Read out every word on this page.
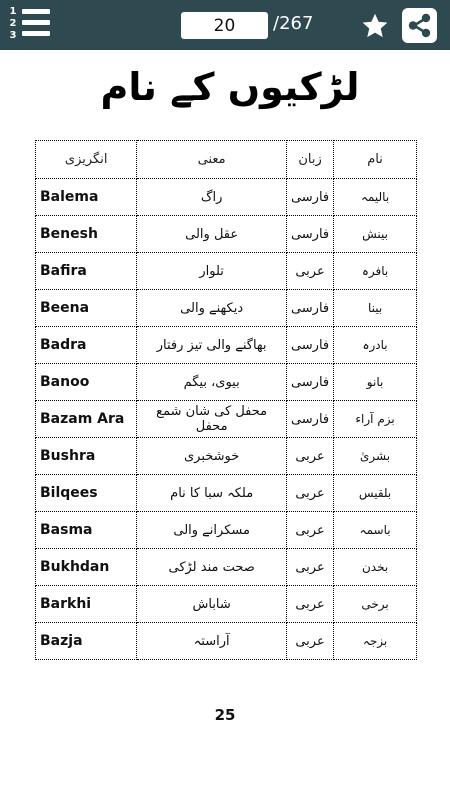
1
2
3
20
/267
لڑکیوں کے نام
انگریزی	معنی	زبان	نام
Balema	راگ	فارسی	بالیمہ
Benesh	عقل والی	فارسی	بینش
Bafira	تلوار	عربی	بافرہ
Beena	دیکھنے والی	فارسی	بینا
Badra	بھاگنے والی تیز رفتار	فارسی	بادرہ
Banoo	بیوی، بیگم	فارسی	بانو
Bazam Ara	محفل کی شان شمع محفل	فارسی	بزم آراء
Bushra	خوشخبری	عربی	بشریٰ
Bilqees	ملکہ سبا کا نام	عربی	بلقیس
Basma	مسکرانے والی	عربی	باسمہ
Bukhdan	صحت مند لڑکی	عربی	بخدن
Barkhi	شاباش	عربی	برخی
Bazja	آراستہ	عربی	بزجہ
25
